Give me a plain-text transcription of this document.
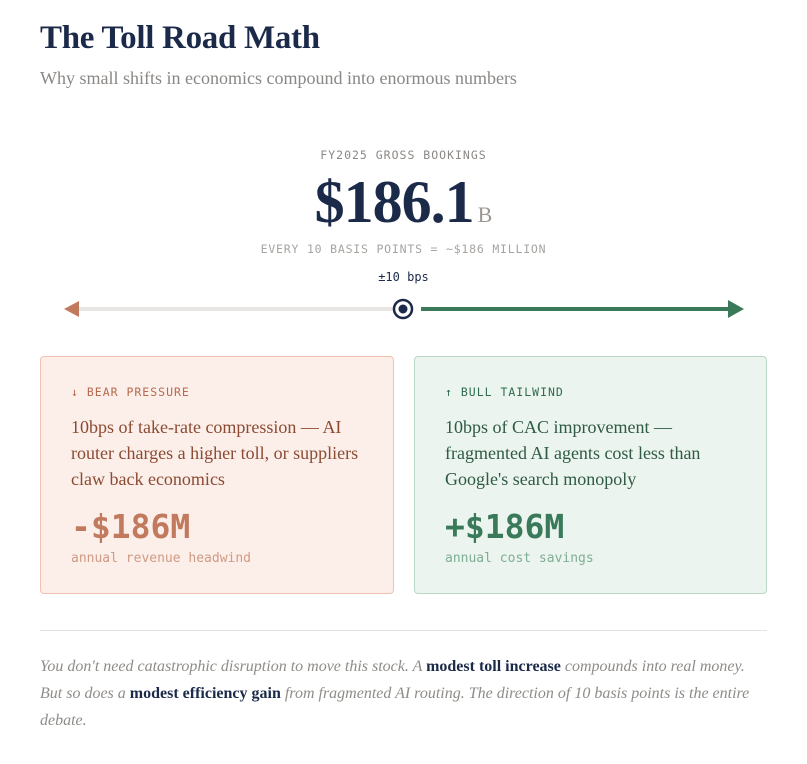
The Toll Road Math
Why small shifts in economics compound into enormous numbers
FY2025 GROSS BOOKINGS
$186.1 B
EVERY 10 BASIS POINTS = ~$186 MILLION
±10 bps
↓ BEAR PRESSURE
10bps of take-rate compression — AI router charges a higher toll, or suppliers claw back economics
-$186M
annual revenue headwind
↑ BULL TAILWIND
10bps of CAC improvement — fragmented AI agents cost less than Google's search monopoly
+$186M
annual cost savings
You don't need catastrophic disruption to move this stock. A modest toll increase compounds into real money. But so does a modest efficiency gain from fragmented AI routing. The direction of 10 basis points is the entire debate.
